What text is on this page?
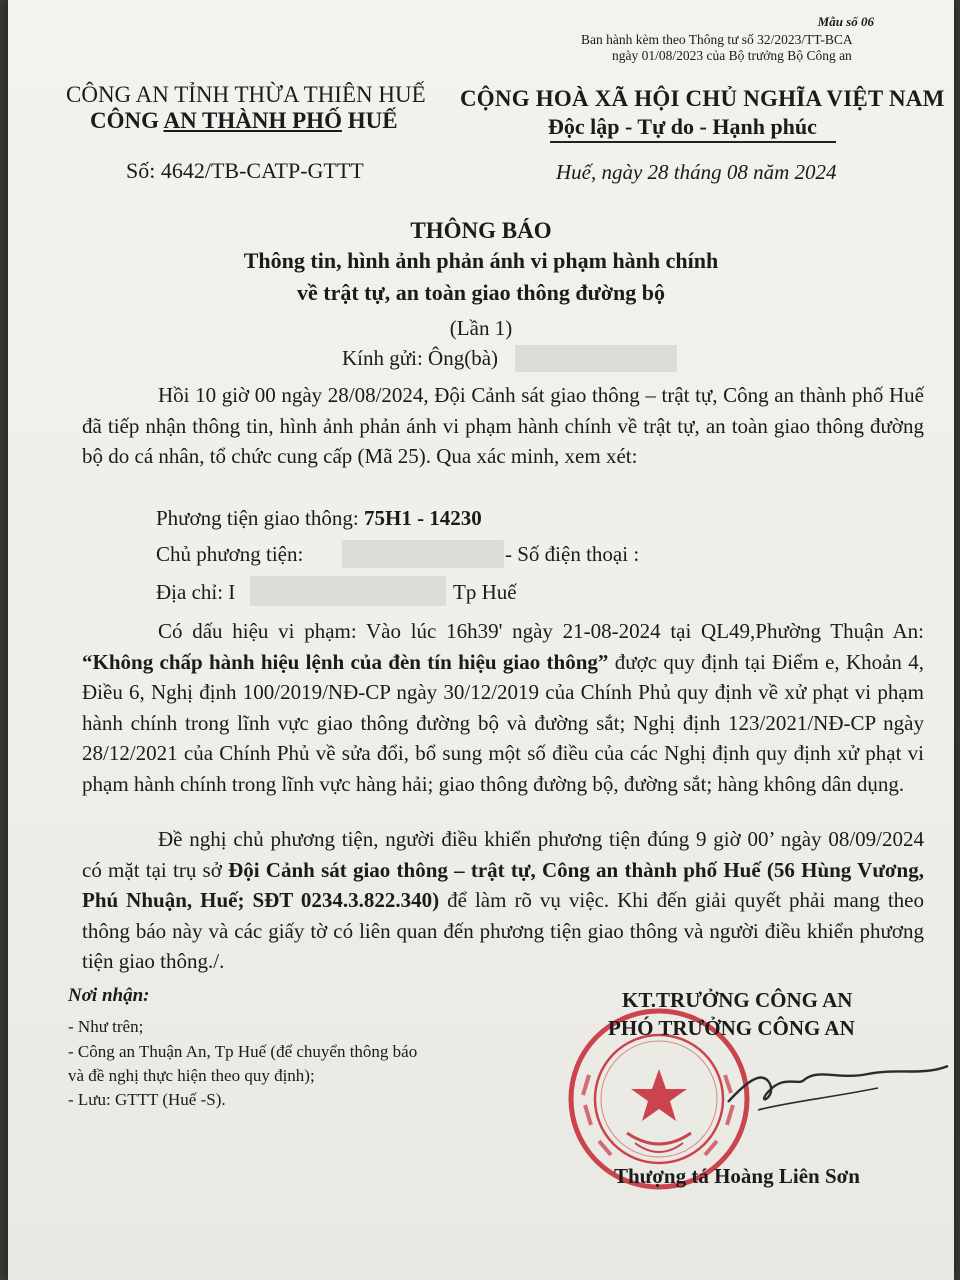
Mẫu số 06
Ban hành kèm theo Thông tư số 32/2023/TT-BCA
ngày 01/08/2023 của Bộ trưởng Bộ Công an
CÔNG AN TỈNH THỪA THIÊN HUẾ
CÔNG AN THÀNH PHỐ HUẾ
CỘNG HOÀ XÃ HỘI CHỦ NGHĨA VIỆT NAM
Độc lập - Tự do - Hạnh phúc
Số: 4642/TB-CATP-GTTT	Huế, ngày 28 tháng 08 năm 2024
THÔNG BÁO
Thông tin, hình ảnh phản ánh vi phạm hành chính
về trật tự, an toàn giao thông đường bộ
(Lần 1)
Kính gửi: Ông(bà)
Hồi 10 giờ 00 ngày 28/08/2024, Đội Cảnh sát giao thông – trật tự, Công an thành phố Huế đã tiếp nhận thông tin, hình ảnh phản ánh vi phạm hành chính về trật tự, an toàn giao thông đường bộ do cá nhân, tổ chức cung cấp (Mã 25). Qua xác minh, xem xét:
Phương tiện giao thông: 75H1 - 14230
Chủ phương tiện:	- Số điện thoại :
Địa chỉ: I	Tp Huế
Có dấu hiệu vi phạm: Vào lúc 16h39' ngày 21-08-2024 tại QL49,Phường Thuận An: “Không chấp hành hiệu lệnh của đèn tín hiệu giao thông” được quy định tại Điểm e, Khoản 4, Điều 6, Nghị định 100/2019/NĐ-CP ngày 30/12/2019 của Chính Phủ quy định về xử phạt vi phạm hành chính trong lĩnh vực giao thông đường bộ và đường sắt; Nghị định 123/2021/NĐ-CP ngày 28/12/2021 của Chính Phủ về sửa đổi, bổ sung một số điều của các Nghị định quy định xử phạt vi phạm hành chính trong lĩnh vực hàng hải; giao thông đường bộ, đường sắt; hàng không dân dụng.
Đề nghị chủ phương tiện, người điều khiển phương tiện đúng 9 giờ 00’ ngày 08/09/2024 có mặt tại trụ sở Đội Cảnh sát giao thông – trật tự, Công an thành phố Huế (56 Hùng Vương, Phú Nhuận, Huế; SĐT 0234.3.822.340) để làm rõ vụ việc. Khi đến giải quyết phải mang theo thông báo này và các giấy tờ có liên quan đến phương tiện giao thông và người điều khiển phương tiện giao thông./.
Nơi nhận:
- Như trên;
- Công an Thuận An, Tp Huế (để chuyển thông báo
và đề nghị thực hiện theo quy định);
- Lưu: GTTT (Huế -S).
KT.TRƯỞNG CÔNG AN
PHÓ TRƯỞNG CÔNG AN
Thượng tá Hoàng Liên Sơn
